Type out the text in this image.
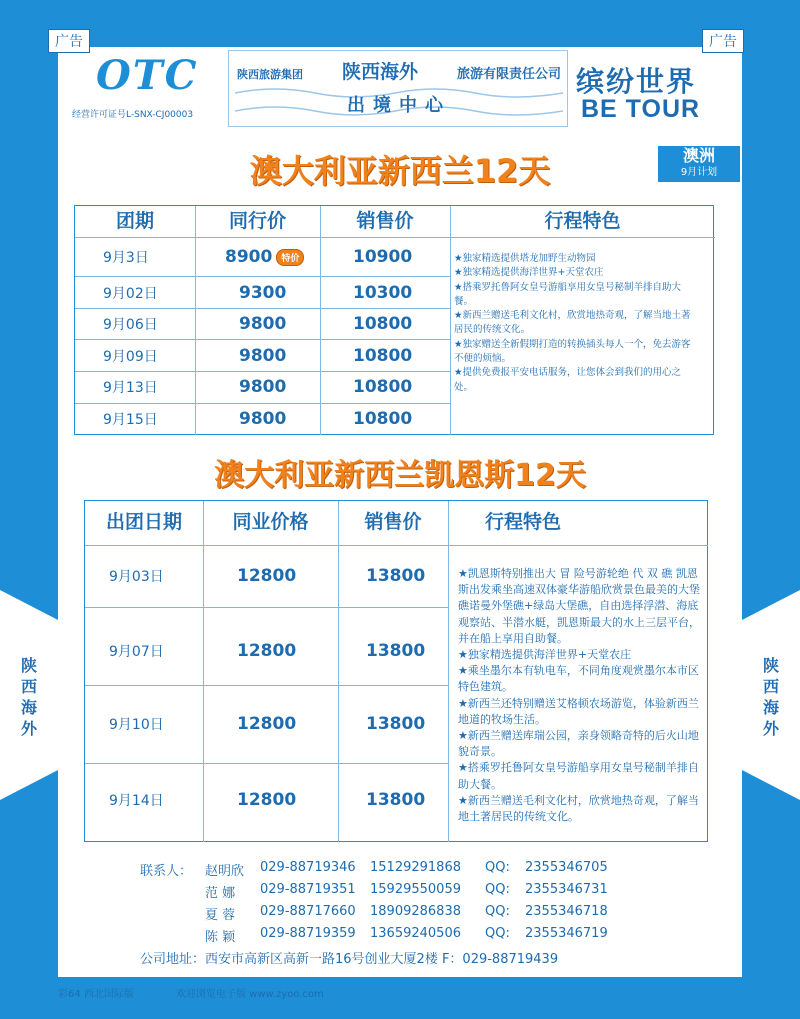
广告	广告
OTC
经营许可证号L-SNX-CJ00003
陕西旅游集团 陕西海外	旅游有限责任公司
出境中心
缤纷世界
BE TOUR
澳大利亚新西兰12天	澳洲
9月计划
团期	同行价	销售价	行程特色
9月3日	8900	特价	10900
9月02日	9300	10300
9月06日	9800	10800
9月09日	9800	10800
9月13日	9800	10800
9月15日	9800	10800
★独家精选提供塔龙加野生动物园
★独家精选提供海洋世界+天堂农庄
★搭乘罗托鲁阿女皇号游船享用女皇号秘制羊排自助大餐。
★新西兰赠送毛利文化村，欣赏地热奇观，了解当地土著居民的传统文化。
★独家赠送全新假期打造的转换插头每人一个，免去游客不便的烦恼。
★提供免费报平安电话服务，让您体会到我们的用心之处。
澳大利亚新西兰凯恩斯12天
出团日期	同业价格	销售价	行程特色
9月03日	12800	13800
9月07日	12800	13800
9月10日	12800	13800
9月14日	12800	13800
★凯恩斯特别推出大 冒 险号游轮绝 代 双 礁 凯恩斯出发乘坐高速双体豪华游船欣赏景色最美的大堡礁诺曼外堡礁+绿岛大堡礁，自由选择浮潜、海底观察站、半潜水艇，凯恩斯最大的水上三层平台，并在船上享用自助餐。
★独家精选提供海洋世界+天堂农庄
★乘坐墨尔本有轨电车，不同角度观赏墨尔本市区特色建筑。
★新西兰还特别赠送艾格顿农场游览，体验新西兰地道的牧场生活。
★新西兰赠送库瑞公园，亲身领略奇特的后火山地貌奇景。
★搭乘罗托鲁阿女皇号游船享用女皇号秘制羊排自助大餐。
★新西兰赠送毛利文化村，欣赏地热奇观，了解当地土著居民的传统文化。
陕
西
海
外
陕
西
海
外
联系人： 赵明欣 029-88719346 15129291868 QQ: 2355346705
范 娜 029-88719351 15929550059 QQ: 2355346731
夏 蓉 029-88717660 18909286838 QQ: 2355346718
陈 颖 029-88719359 13659240506 QQ: 2355346719
公司地址：西安市高新区高新一路16号创业大厦2楼 F：029-88719439
彩64 西北国际版	欢迎浏览电子版 www.zyoo.com
